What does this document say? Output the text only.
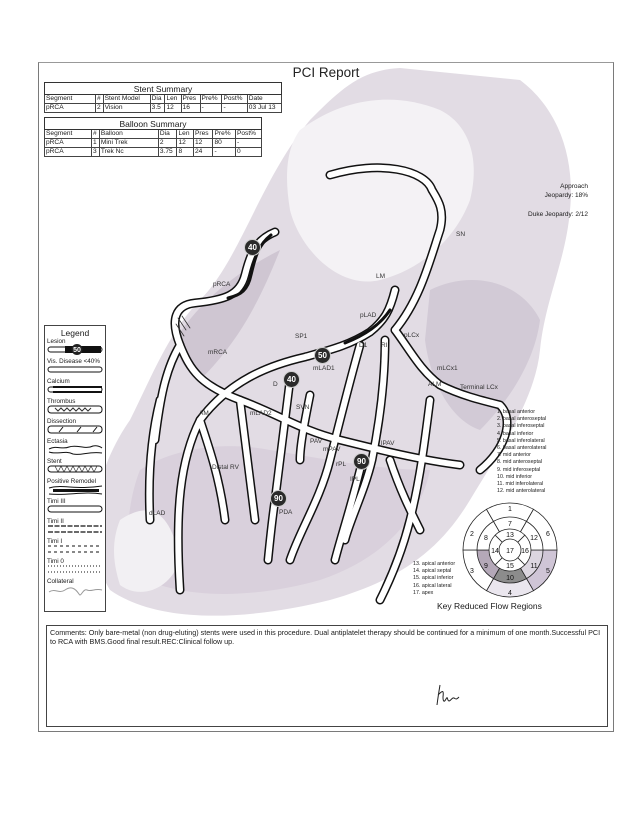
PCI Report
Stent Summary								
Segment	#	Stent Model	Dia	Len	Pres	Pre%	Post%	Date
pRCA	2	Vision	3.5	12	16	-	-	03 Jul 13
Balloon Summary							
Segment	#	Balloon	Dia	Len	Pres	Pre%	Post%
pRCA	1	Mini Trek	2	12	12	80	-
pRCA	3	Trek Nc	3.75	8	24	-	0
Approach
Jeopardy: 18%
Duke Jeopardy: 2/12
pRCA
mRCA
LM
pLAD
pLCx
SP1
mLAD1
mLAD2
D1 RI
mLCx1
ALM	Terminal LCx
SN
AM
D
SVN
PAV
mPAV
lPAV
rPL
IPL
Distal RV
PDA
dLAD
40
50
40
90
90
Legend
Lesion
50
Vis. Disease <40%
Calcium
Thrombus
Dissection
Ectasia
Stent
Positive Remodel
Timi III
Timi II
Timi I
Timi 0
Collateral
1. basal anterior
2. basal anteroseptal
3. basal inferoseptal
4. basal inferior
5. basal inferolateral
6. basal anterolateral
7. mid anterior
8. mid anteroseptal
9. mid inferoseptal
10. mid inferior
11. mid inferolateral
12. mid anterolateral
13. apical anterior
14. apical septal
15. apical inferior
16. apical lateral
17. apex
1
2
3
4
5
6
7
8
9
10
11
12
13
14
15
16
17
Key Reduced Flow Regions
Comments: Only bare-metal (non drug-eluting) stents were used in this procedure. Dual antiplatelet therapy should be continued for a minimum of one month.Successful PCI to RCA with BMS.Good final result.REC:Clinical follow up.
